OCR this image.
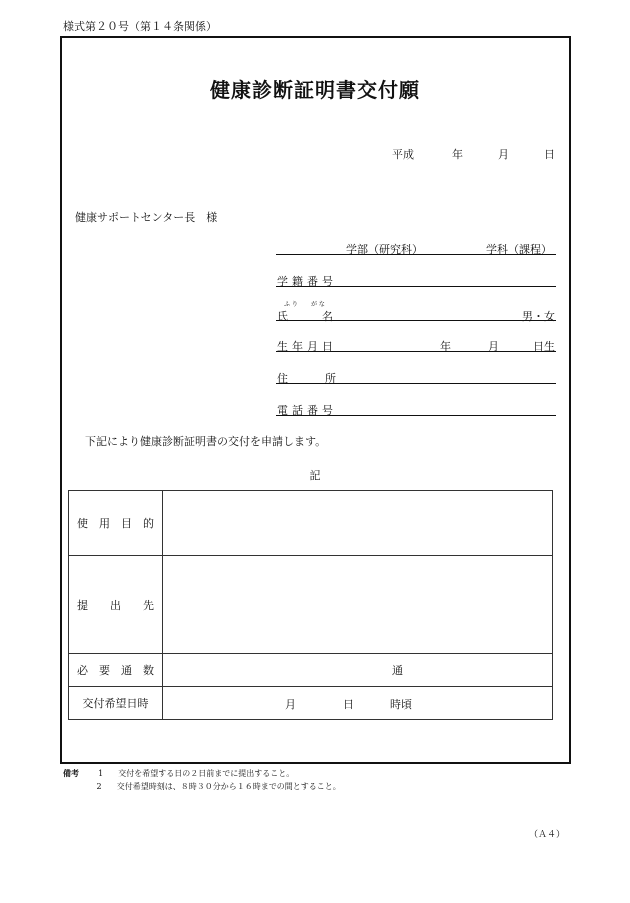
様式第２０号（第１４条関係）
健康診断証明書交付願
平成	年	月	日
健康サポートセンター長　様
学部（研究科）	学科（課程）
学籍番号
ふ り が な
氏	名	男・女
生年月日	年	月	日生
住	所
電話番号
下記により健康診断証明書の交付を申請します。
記
使　用　目　的	
提　　出　　先	
必　要　通　数	通
交付希望日時	月 日 時頃
備考 1 交付を希望する日の２日前までに提出すること。
2 交付希望時刻は、８時３０分から１６時までの間とすること。
（Ａ４）
